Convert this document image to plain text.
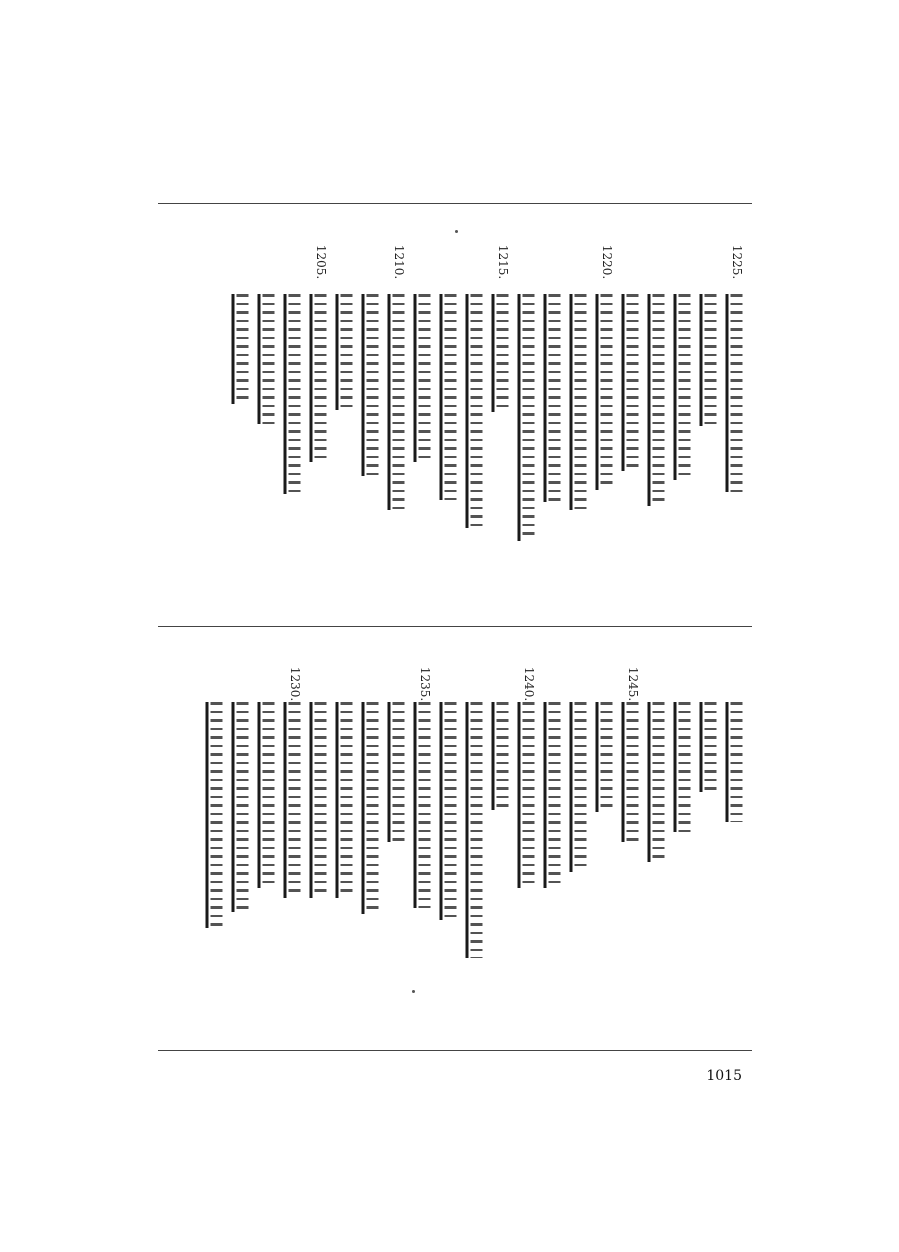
1225.
1220.
1215.
1210.
1205.
1245.
1240.
1235.
1230.
1015
